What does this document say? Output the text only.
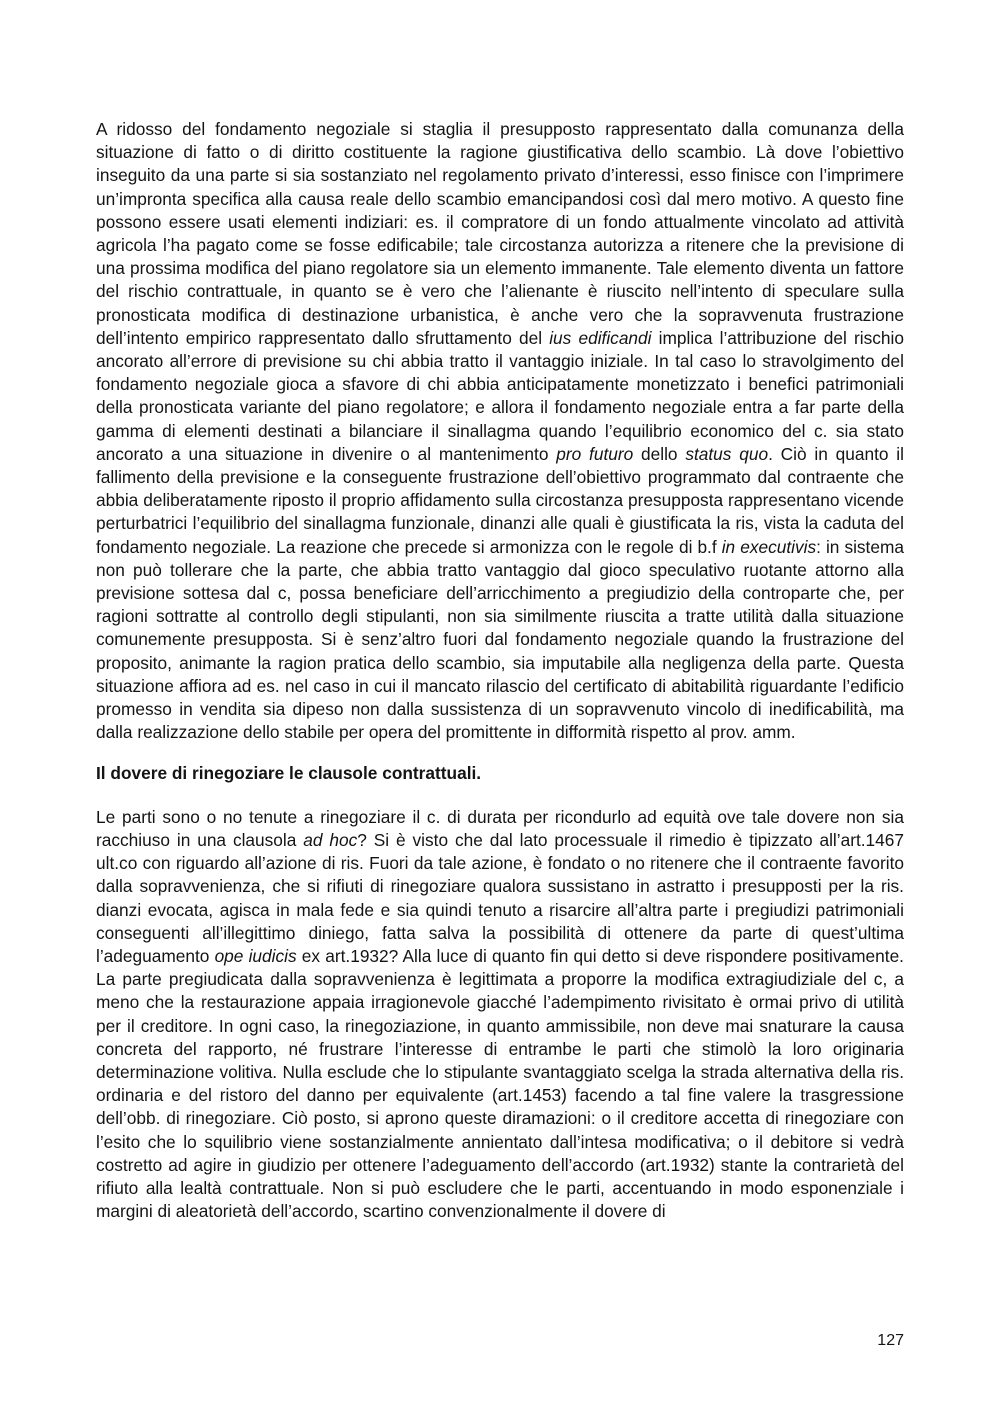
A ridosso del fondamento negoziale si staglia il presupposto rappresentato dalla comunanza della situazione di fatto o di diritto costituente la ragione giustificativa dello scambio. Là dove l’obiettivo inseguito da una parte si sia sostanziato nel regolamento privato d’interessi, esso finisce con l’imprimere un’impronta specifica alla causa reale dello scambio emancipandosi così dal mero motivo. A questo fine possono essere usati elementi indiziari: es. il compratore di un fondo attualmente vincolato ad attività agricola l’ha pagato come se fosse edificabile; tale circostanza autorizza a ritenere che la previsione di una prossima modifica del piano regolatore sia un elemento immanente. Tale elemento diventa un fattore del rischio contrattuale, in quanto se è vero che l’alienante è riuscito nell’intento di speculare sulla pronosticata modifica di destinazione urbanistica, è anche vero che la sopravvenuta frustrazione dell’intento empirico rappresentato dallo sfruttamento del ius edificandi implica l’attribuzione del rischio ancorato all’errore di previsione su chi abbia tratto il vantaggio iniziale. In tal caso lo stravolgimento del fondamento negoziale gioca a sfavore di chi abbia anticipatamente monetizzato i benefici patrimoniali della pronosticata variante del piano regolatore; e allora il fondamento negoziale entra a far parte della gamma di elementi destinati a bilanciare il sinallagma quando l’equilibrio economico del c. sia stato ancorato a una situazione in divenire o al mantenimento pro futuro dello status quo. Ciò in quanto il fallimento della previsione e la conseguente frustrazione dell’obiettivo programmato dal contraente che abbia deliberatamente riposto il proprio affidamento sulla circostanza presupposta rappresentano vicende perturbatrici l’equilibrio del sinallagma funzionale, dinanzi alle quali è giustificata la ris, vista la caduta del fondamento negoziale. La reazione che precede si armonizza con le regole di b.f in executivis: in sistema non può tollerare che la parte, che abbia tratto vantaggio dal gioco speculativo ruotante attorno alla previsione sottesa dal c, possa beneficiare dell’arricchimento a pregiudizio della controparte che, per ragioni sottratte al controllo degli stipulanti, non sia similmente riuscita a tratte utilità dalla situazione comunemente presupposta. Si è senz’altro fuori dal fondamento negoziale quando la frustrazione del proposito, animante la ragion pratica dello scambio, sia imputabile alla negligenza della parte. Questa situazione affiora ad es. nel caso in cui il mancato rilascio del certificato di abitabilità riguardante l’edificio promesso in vendita sia dipeso non dalla sussistenza di un sopravvenuto vincolo di inedificabilità, ma dalla realizzazione dello stabile per opera del promittente in difformità rispetto al prov. amm.

Il dovere di rinegoziare le clausole contrattuali.

Le parti sono o no tenute a rinegoziare il c. di durata per ricondurlo ad equità ove tale dovere non sia racchiuso in una clausola ad hoc? Si è visto che dal lato processuale il rimedio è tipizzato all’art.1467 ult.co con riguardo all’azione di ris. Fuori da tale azione, è fondato o no ritenere che il contraente favorito dalla sopravvenienza, che si rifiuti di rinegoziare qualora sussistano in astratto i presupposti per la ris. dianzi evocata, agisca in mala fede e sia quindi tenuto a risarcire all’altra parte i pregiudizi patrimoniali conseguenti all’illegittimo diniego, fatta salva la possibilità di ottenere da parte di quest’ultima l’adeguamento ope iudicis ex art.1932? Alla luce di quanto fin qui detto si deve rispondere positivamente. La parte pregiudicata dalla sopravvenienza è legittimata a proporre la modifica extragiudiziale del c, a meno che la restaurazione appaia irragionevole giacché l’adempimento rivisitato è ormai privo di utilità per il creditore. In ogni caso, la rinegoziazione, in quanto ammissibile, non deve mai snaturare la causa concreta del rapporto, né frustrare l’interesse di entrambe le parti che stimolò la loro originaria determinazione volitiva. Nulla esclude che lo stipulante svantaggiato scelga la strada alternativa della ris. ordinaria e del ristoro del danno per equivalente (art.1453) facendo a tal fine valere la trasgressione dell’obb. di rinegoziare. Ciò posto, si aprono queste diramazioni: o il creditore accetta di rinegoziare con l’esito che lo squilibrio viene sostanzialmente annientato dall’intesa modificativa; o il debitore si vedrà costretto ad agire in giudizio per ottenere l’adeguamento dell’accordo (art.1932) stante la contrarietà del rifiuto alla lealtà contrattuale. Non si può escludere che le parti, accentuando in modo esponenziale i margini di aleatorietà dell’accordo, scartino convenzionalmente il dovere di

127
